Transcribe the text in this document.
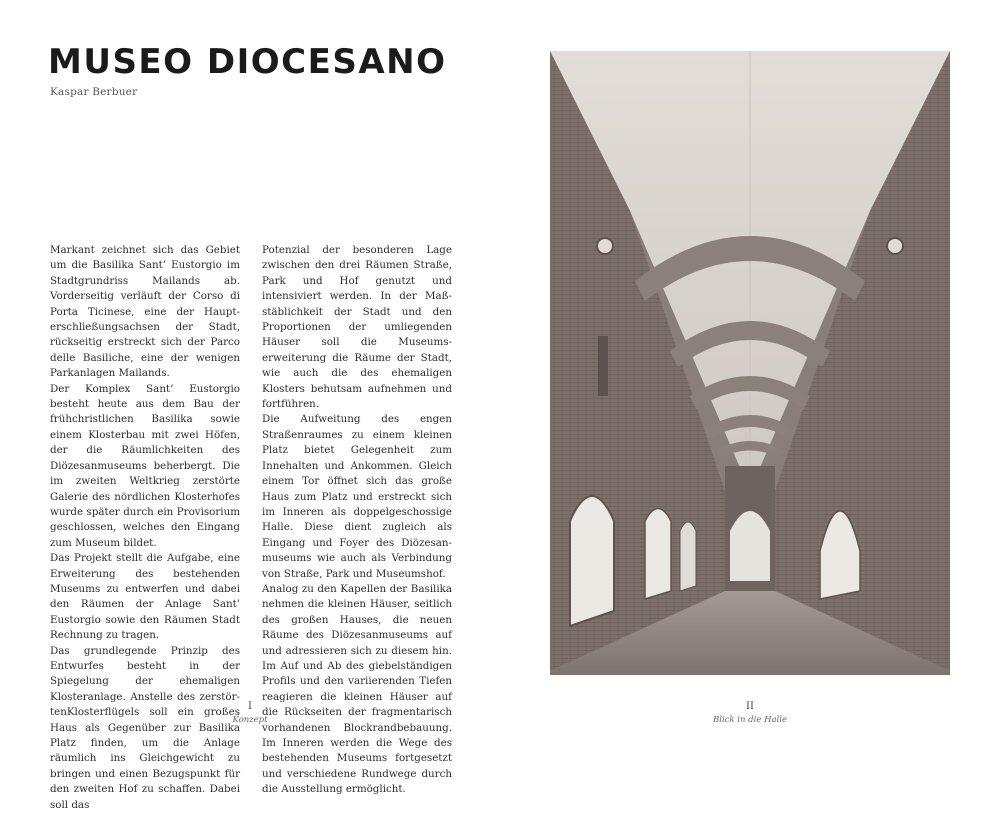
MUSEO DIOCESANO
Kaspar Berbuer

Markant zeichnet sich das Gebiet um die Basilika Sant’ Eustorgio im Stadtgrundriss Mailands ab. Vorderseitig verläuft der Corso di Porta Ticinese, eine der Haupterschließungsachsen der Stadt, rückseitig erstreckt sich der Parco delle Basiliche, eine der wenigen Parkanlagen Mailands.

Der Komplex Sant’ Eustorgio besteht heute aus dem Bau der frühchristlichen Basilika sowie einem Klosterbau mit zwei Höfen, der die Räumlichkeiten des Diözesanmuseums beherbergt. Die im zweiten Weltkrieg zerstörte Galerie des nördlichen Klosterhofes wurde später durch ein Provisorium geschlossen, welches den Eingang zum Museum bildet.

Das Projekt stellt die Aufgabe, eine Erweiterung des bestehenden Museums zu entwerfen und dabei den Räumen der Anlage Sant’ Eustorgio sowie den Räumen Stadt Rechnung zu tragen.

Das grundlegende Prinzip des Entwurfes besteht in der Spiegelung der ehemaligen Klosteranlage. Anstelle des zerstörtenKlosterflügels soll ein großes Haus als Gegenüber zur Basilika Platz finden, um die Anlage räumlich ins Gleichgewicht zu bringen und einen Bezugspunkt für den zweiten Hof zu schaffen. Dabei soll das

Potenzial der besonderen Lage zwischen den drei Räumen Straße, Park und Hof genutzt und intensiviert werden. In der Maßstäblichkeit der Stadt und den Proportionen der umliegenden Häuser soll die Museumserweiterung die Räume der Stadt, wie auch die des ehemaligen Klosters behutsam aufnehmen und fortführen.

Die Aufweitung des engen Straßenraumes zu einem kleinen Platz bietet Gelegenheit zum Innehalten und Ankommen. Gleich einem Tor öffnet sich das große Haus zum Platz und erstreckt sich im Inneren als doppelgeschossige Halle. Diese dient zugleich als Eingang und Foyer des Diözesanmuseums wie auch als Verbindung von Straße, Park und Museumshof.

Analog zu den Kapellen der Basilika nehmen die kleinen Häuser, seitlich des großen Hauses, die neuen Räume des Diözesanmuseums auf und adressieren sich zu diesem hin. Im Auf und Ab des giebelständigen Profils und den variierenden Tiefen reagieren die kleinen Häuser auf die Rückseiten der fragmentarisch vorhandenen Blockrandbebauung. Im Inneren werden die Wege des bestehenden Museums fortgesetzt und verschiedene Rundwege durch die Ausstellung ermöglicht.

I
Konzept
II
Blick in die Halle
